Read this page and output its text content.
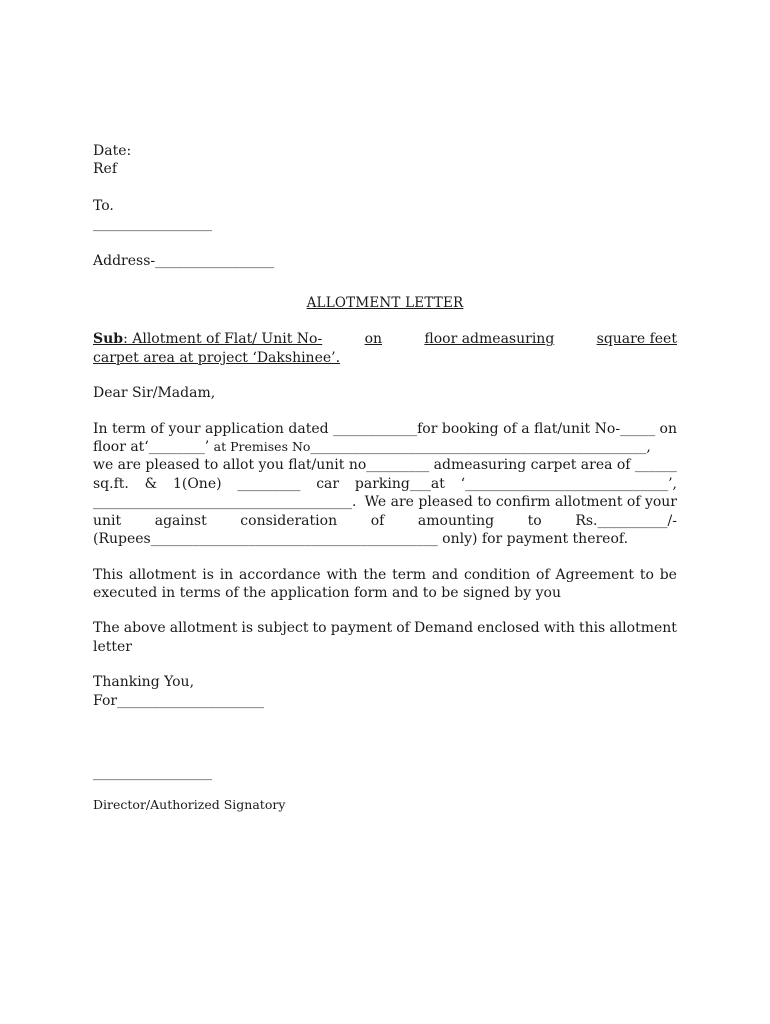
Date:
Ref
To.
_________________
Address-_________________
ALLOTMENT LETTER
Sub: Allotment of Flat/ Unit No-	on	floor admeasuring	square feet
carpet area at project ‘Dakshinee’.
Dear Sir/Madam,
In term of your application dated ____________for booking of a flat/unit No-_____ on
floor at‘________’ at Premises No________________________________________________,
we are pleased to allot you flat/unit no_________ admeasuring carpet area of ______
sq.ft. & 1(One) _________ car parking___at ‘_____________________________’,
_____________________________________. We are pleased to confirm allotment of your
unit against consideration of amounting to Rs.__________/-
(Rupees_________________________________________ only) for payment thereof.
This allotment is in accordance with the term and condition of Agreement to be
executed in terms of the application form and to be signed by you
The above allotment is subject to payment of Demand enclosed with this allotment
letter
Thanking You,
For_____________________
_________________
Director/Authorized Signatory
